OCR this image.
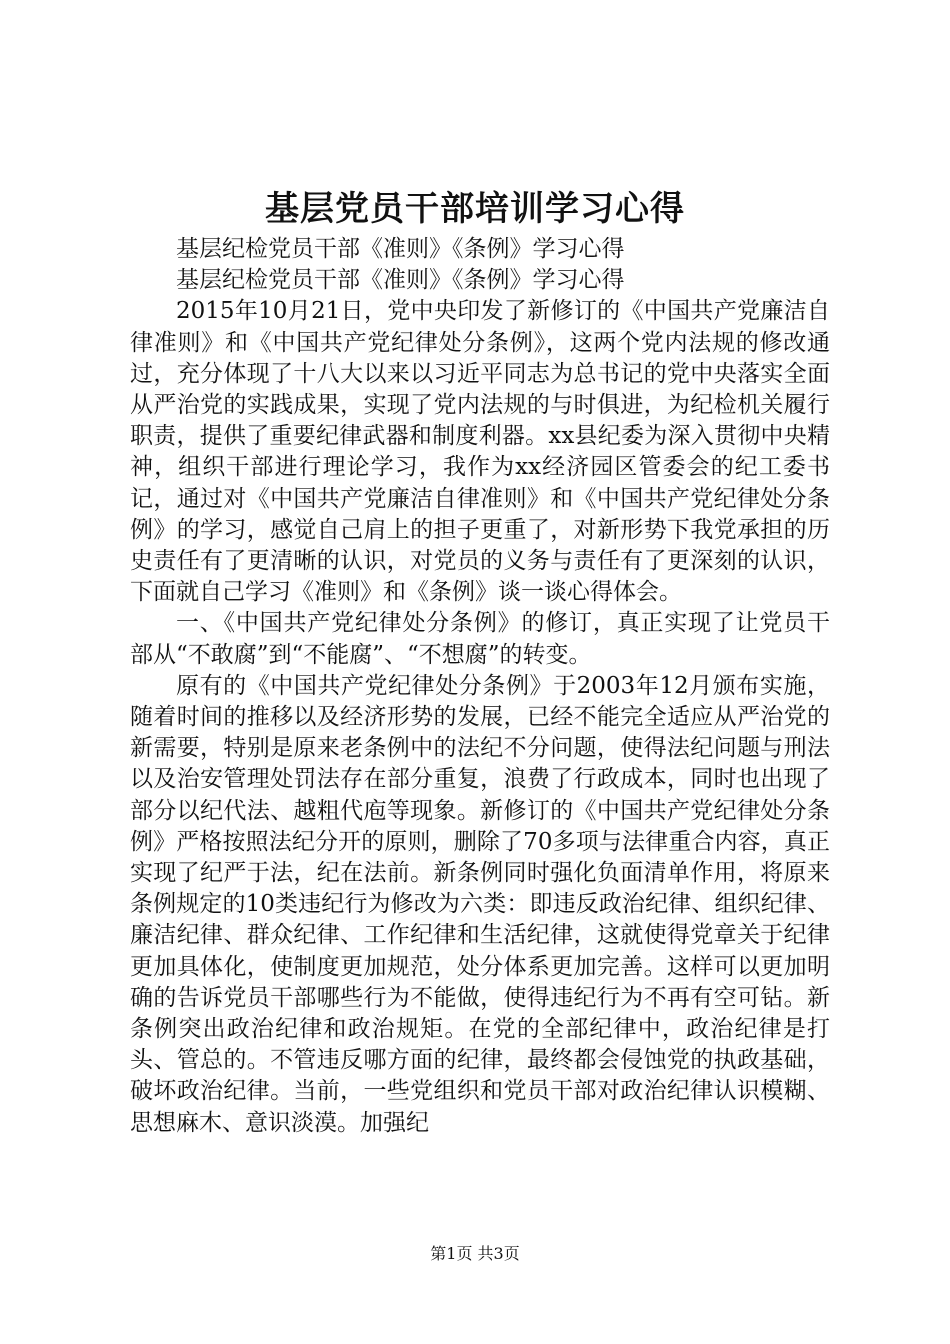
基层党员干部培训学习心得

基层纪检党员干部《准则》《条例》学习心得

基层纪检党员干部《准则》《条例》学习心得

2015年10月21日，党中央印发了新修订的《中国共产党廉洁自律准则》和《中国共产党纪律处分条例》，这两个党内法规的修改通过，充分体现了十八大以来以习近平同志为总书记的党中央落实全面从严治党的实践成果，实现了党内法规的与时俱进，为纪检机关履行职责，提供了重要纪律武器和制度利器。xx县纪委为深入贯彻中央精神，组织干部进行理论学习，我作为xx经济园区管委会的纪工委书记，通过对《中国共产党廉洁自律准则》和《中国共产党纪律处分条例》的学习，感觉自己肩上的担子更重了，对新形势下我党承担的历史责任有了更清晰的认识，对党员的义务与责任有了更深刻的认识，下面就自己学习《准则》和《条例》谈一谈心得体会。

一、《中国共产党纪律处分条例》的修订，真正实现了让党员干部从“不敢腐”到“不能腐”、“不想腐”的转变。

原有的《中国共产党纪律处分条例》于2003年12月颁布实施，随着时间的推移以及经济形势的发展，已经不能完全适应从严治党的新需要，特别是原来老条例中的法纪不分问题，使得法纪问题与刑法以及治安管理处罚法存在部分重复，浪费了行政成本，同时也出现了部分以纪代法、越粗代庖等现象。新修订的《中国共产党纪律处分条例》严格按照法纪分开的原则，删除了70多项与法律重合内容，真正实现了纪严于法，纪在法前。新条例同时强化负面清单作用，将原来条例规定的10类违纪行为修改为六类：即违反政治纪律、组织纪律、廉洁纪律、群众纪律、工作纪律和生活纪律，这就使得党章关于纪律更加具体化，使制度更加规范，处分体系更加完善。这样可以更加明确的告诉党员干部哪些行为不能做，使得违纪行为不再有空可钻。新条例突出政治纪律和政治规矩。在党的全部纪律中，政治纪律是打头、管总的。不管违反哪方面的纪律，最终都会侵蚀党的执政基础，破坏政治纪律。当前，一些党组织和党员干部对政治纪律认识模糊、思想麻木、意识淡漠。加强纪

第1页 共3页
